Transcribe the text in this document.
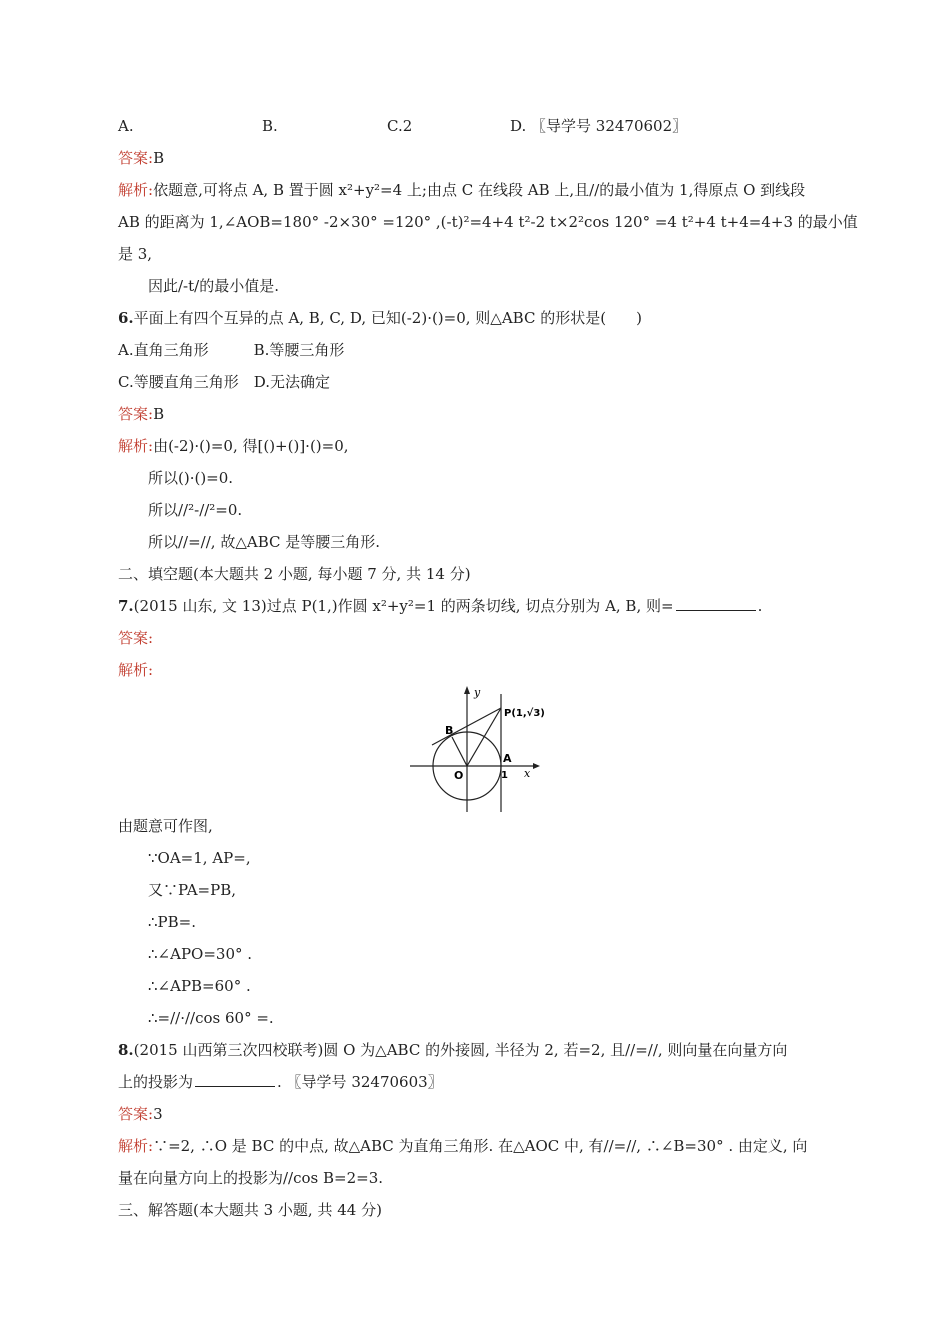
A.	B.	C.2	D. 〖导学号 32470602〗
答案:B
解析:依题意,可将点 A, B 置于圆 x²+y²=4 上;由点 C 在线段 AB 上,且//的最小值为 1,得原点 O 到线段
AB 的距离为 1,∠AOB=180° -2×30° =120° ,(-t)²=4+4 t²-2 t×2²cos 120° =4 t²+4 t+4=4+3 的最小值
是 3,
因此/-t/的最小值是.
6.平面上有四个互异的点 A, B, C, D, 已知(-2)·()=0, 则△ABC 的形状是(　　)
A.直角三角形　　　B.等腰三角形
C.等腰直角三角形　D.无法确定
答案:B
解析:由(-2)·()=0, 得[()+()]·()=0,
所以()·()=0.
所以//²-//²=0.
所以//=//, 故△ABC 是等腰三角形.
二、填空题(本大题共 2 小题, 每小题 7 分, 共 14 分)
7.(2015 山东, 文 13)过点 P(1,)作圆 x²+y²=1 的两条切线, 切点分别为 A, B, 则=	.
答案:
解析:
y
x
P(1,√3)
B
A
O	1
由题意可作图,
∵OA=1, AP=,
又∵PA=PB,
∴PB=.
∴∠APO=30° .
∴∠APB=60° .
∴=//·//cos 60° =.
8.(2015 山西第三次四校联考)圆 O 为△ABC 的外接圆, 半径为 2, 若=2, 且//=//, 则向量在向量方向
上的投影为	. 〖导学号 32470603〗
答案:3
解析:∵=2, ∴O 是 BC 的中点, 故△ABC 为直角三角形. 在△AOC 中, 有//=//, ∴∠B=30° . 由定义, 向
量在向量方向上的投影为//cos B=2=3.
三、解答题(本大题共 3 小题, 共 44 分)
